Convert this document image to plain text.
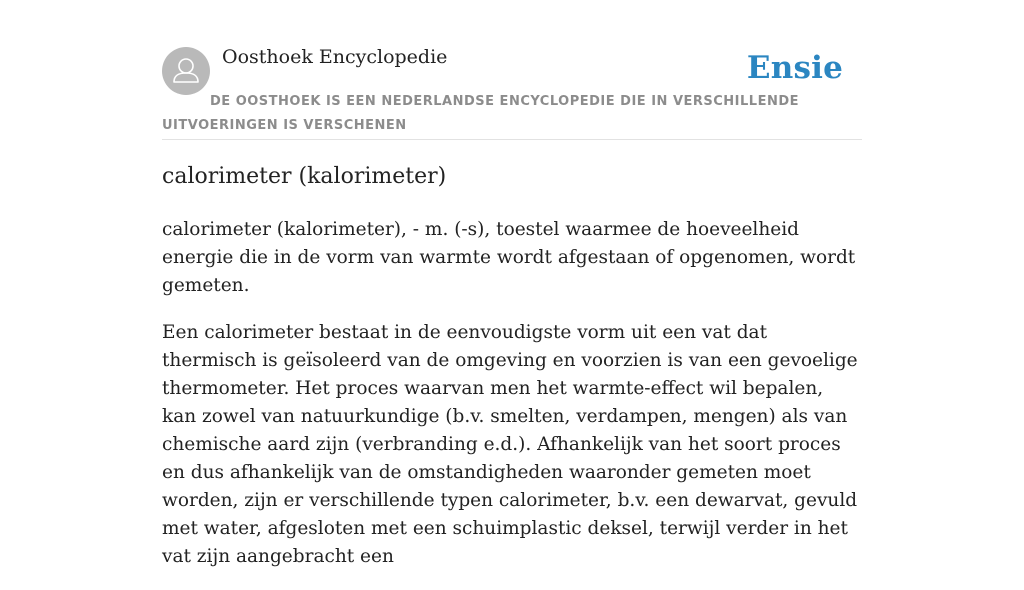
Oosthoek Encyclopedie	Ensie
DE OOSTHOEK IS EEN NEDERLANDSE ENCYCLOPEDIE DIE IN VERSCHILLENDE UITVOERINGEN IS VERSCHENEN
calorimeter (kalorimeter)

calorimeter (kalorimeter), - m. (-s), toestel waarmee de hoeveelheid energie die in de vorm van warmte wordt afgestaan of opgenomen, wordt gemeten.

Een calorimeter bestaat in de eenvoudigste vorm uit een vat dat thermisch is geïsoleerd van de omgeving en voorzien is van een gevoelige thermometer. Het proces waarvan men het warmte-effect wil bepalen, kan zowel van natuurkundige (b.v. smelten, verdampen, mengen) als van chemische aard zijn (verbranding e.d.). Afhankelijk van het soort proces en dus afhankelijk van de omstandigheden waaronder gemeten moet worden, zijn er verschillende typen calorimeter, b.v. een dewarvat, gevuld met water, afgesloten met een schuimplastic deksel, terwijl verder in het vat zijn aangebracht een
